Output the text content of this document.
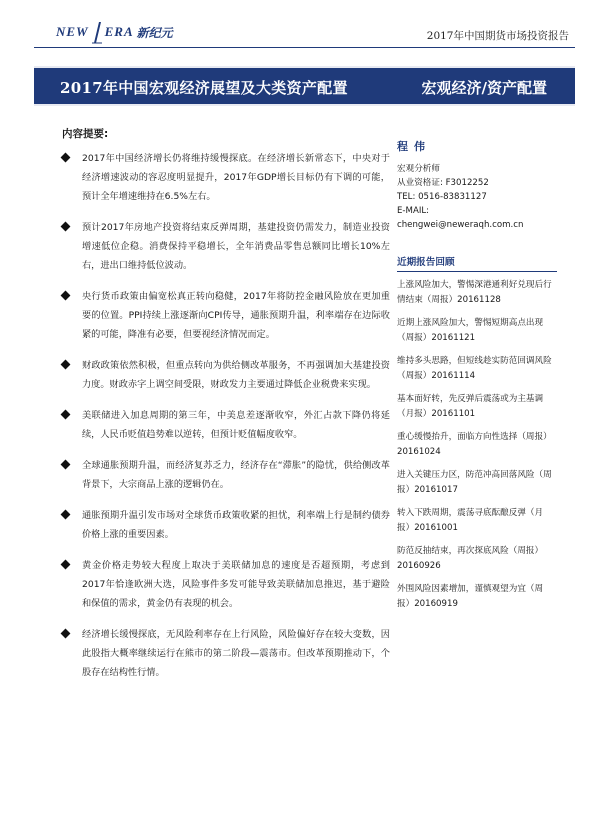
NEW ERA 新纪元	2017年中国期货市场投资报告
2017年中国宏观经济展望及大类资产配置	宏观经济/资产配置
内容提要:
2017年中国经济增长仍将维持缓慢探底。在经济增长新常态下，中央对于经济增速波动的容忍度明显提升，2017年GDP增长目标仍有下调的可能，预计全年增速维持在6.5%左右。
预计2017年房地产投资将结束反弹周期，基建投资仍需发力，制造业投资增速低位企稳。消费保持平稳增长，全年消费品零售总额同比增长10%左右，进出口维持低位波动。
央行货币政策由偏宽松真正转向稳健，2017年将防控金融风险放在更加重要的位置。PPI持续上涨逐渐向CPI传导，通胀预期升温，利率端存在边际收紧的可能，降准有必要，但要视经济情况而定。
财政政策依然积极，但重点转向为供给侧改革服务，不再强调加大基建投资力度。财政赤字上调空间受限，财政发力主要通过降低企业税费来实现。
美联储进入加息周期的第三年，中美息差逐渐收窄，外汇占款下降仍将延续，人民币贬值趋势难以逆转，但预计贬值幅度收窄。
全球通胀预期升温，而经济复苏乏力，经济存在“滞胀”的隐忧，供给侧改革背景下，大宗商品上涨的逻辑仍在。
通胀预期升温引发市场对全球货币政策收紧的担忧，利率端上行是制约债券价格上涨的重要因素。
黄金价格走势较大程度上取决于美联储加息的速度是否超预期，考虑到2017年恰逢欧洲大选，风险事件多发可能导致美联储加息推迟，基于避险和保值的需求，黄金仍有表现的机会。
经济增长缓慢探底，无风险利率存在上行风险，风险偏好存在较大变数，因此股指大概率继续运行在熊市的第二阶段—震荡市。但改革预期推动下，个股存在结构性行情。
程伟
宏观分析师
从业资格证: F3012252
TEL: 0516-83831127
E-MAIL:
chengwei@neweraqh.com.cn
近期报告回顾
上涨风险加大，警惕深港通利好兑现后行情结束（周报）20161128
近期上涨风险加大，警惕短期高点出现（周报）20161121
维持多头思路，但短线趁实防范回调风险（周报）20161114
基本面好转，先反弹后震荡或为主基调（月报）20161101
重心缓慢抬升，面临方向性选择（周报）20161024
进入关键压力区，防范冲高回落风险（周报）20161017
转入下跌周期，震荡寻底酝酿反弹（月报）20161001
防范反抽结束，再次探底风险（周报）20160926
外围风险因素增加，谨慎观望为宜（周报）20160919
